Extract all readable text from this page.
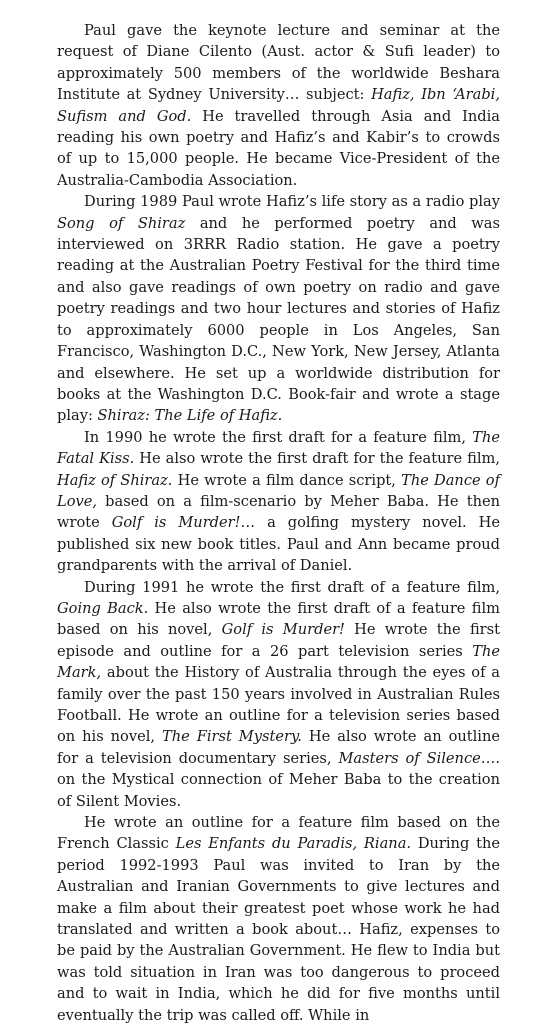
Paul gave the keynote lecture and seminar at the request of Diane Cilento (Aust. actor & Sufi leader) to approximately 500 members of the worldwide Beshara Institute at Sydney University… subject: Hafiz, Ibn ‘Arabi, Sufism and God. He travelled through Asia and India reading his own poetry and Hafiz’s and Kabir’s to crowds of up to 15,000 people. He became Vice-President of the Australia-Cambodia Association.

During 1989 Paul wrote Hafiz’s life story as a radio play Song of Shiraz and he performed poetry and was interviewed on 3RRR Radio station. He gave a poetry reading at the Australian Poetry Festival for the third time and also gave readings of own poetry on radio and gave poetry readings and two hour lectures and stories of Hafiz to approximately 6000 people in Los Angeles, San Francisco, Washington D.C., New York, New Jersey, Atlanta and elsewhere. He set up a worldwide distribution for books at the Washington D.C. Book-fair and wrote a stage play: Shiraz: The Life of Hafiz.

In 1990 he wrote the first draft for a feature film, The Fatal Kiss. He also wrote the first draft for the feature film, Hafiz of Shiraz. He wrote a film dance script, The Dance of Love, based on a film-scenario by Meher Baba. He then wrote Golf is Murder!… a golfing mystery novel. He published six new book titles. Paul and Ann became proud grandparents with the arrival of Daniel.

During 1991 he wrote the first draft of a feature film, Going Back. He also wrote the first draft of a feature film based on his novel, Golf is Murder! He wrote the first episode and outline for a 26 part television series The Mark, about the History of Australia through the eyes of a family over the past 150 years involved in Australian Rules Football. He wrote an outline for a television series based on his novel, The First Mystery. He also wrote an outline for a television documentary series, Masters of Silence…. on the Mystical connection of Meher Baba to the creation of Silent Movies.

He wrote an outline for a feature film based on the French Classic Les Enfants du Paradis, Riana. During the period 1992-1993 Paul was invited to Iran by the Australian and Iranian Governments to give lectures and make a film about their greatest poet whose work he had translated and written a book about… Hafiz, expenses to be paid by the Australian Government. He flew to India but was told situation in Iran was too dangerous to proceed and to wait in India, which he did for five months until eventually the trip was called off. While in
